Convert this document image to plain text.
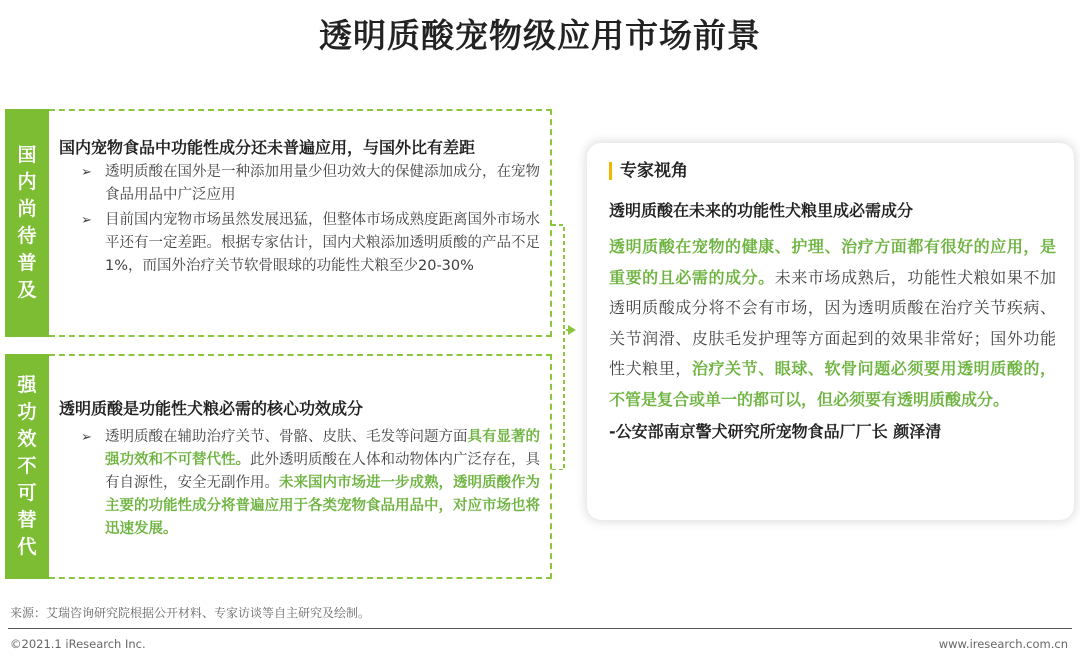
透明质酸宠物级应用市场前景
国
内
尚
待
普
及
国内宠物食品中功能性成分还未普遍应用，与国外比有差距
➢ 透明质酸在国外是一种添加用量少但功效大的保健添加成分，在宠物食品用品中广泛应用
➢ 目前国内宠物市场虽然发展迅猛，但整体市场成熟度距离国外市场水平还有一定差距。根据专家估计，国内犬粮添加透明质酸的产品不足1%，而国外治疗关节软骨眼球的功能性犬粮至少20-30%
强
功
效
不
可
替
代
透明质酸是功能性犬粮必需的核心功效成分
➢ 透明质酸在辅助治疗关节、骨骼、皮肤、毛发等问题方面具有显著的强功效和不可替代性。此外透明质酸在人体和动物体内广泛存在，具有自源性，安全无副作用。未来国内市场进一步成熟，透明质酸作为主要的功能性成分将普遍应用于各类宠物食品用品中，对应市场也将迅速发展。
专家视角
透明质酸在未来的功能性犬粮里成必需成分
透明质酸在宠物的健康、护理、治疗方面都有很好的应用，是重要的且必需的成分。未来市场成熟后，功能性犬粮如果不加透明质酸成分将不会有市场，因为透明质酸在治疗关节疾病、关节润滑、皮肤毛发护理等方面起到的效果非常好；国外功能性犬粮里，治疗关节、眼球、软骨问题必须要用透明质酸的，不管是复合或单一的都可以，但必须要有透明质酸成分。
-公安部南京警犬研究所宠物食品厂厂长 颜泽清
来源：艾瑞咨询研究院根据公开材料、专家访谈等自主研究及绘制。
©2021.1 iResearch Inc.	www.iresearch.com.cn
